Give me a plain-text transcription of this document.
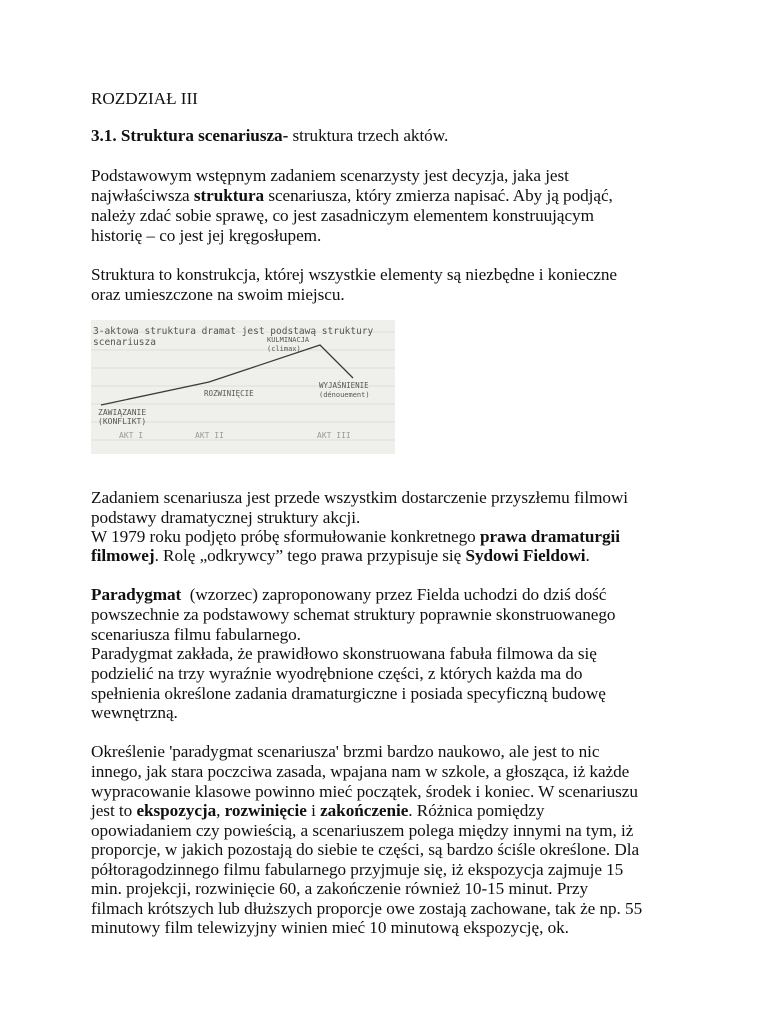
ROZDZIAŁ III
3.1. Struktura scenariusza- struktura trzech aktów.
Podstawowym wstępnym zadaniem scenarzysty jest decyzja, jaka jest
najwłaściwsza struktura scenariusza, który zmierza napisać. Aby ją podjąć,
należy zdać sobie sprawę, co jest zasadniczym elementem konstruującym
historię – co jest jej kręgosłupem.
Struktura to konstrukcja, której wszystkie elementy są niezbędne i konieczne
oraz umieszczone na swoim miejscu.
3-aktowa struktura dramat jest podstawą struktury
scenariusza	KULMINACJA
(climax)
ROZWINIĘCIE
ZAWIĄZANIE
(KONFLIKT)
WYJAŚNIENIE
(dénouement)
AKT I	AKT II	AKT III
Zadaniem scenariusza jest przede wszystkim dostarczenie przyszłemu filmowi
podstawy dramatycznej struktury akcji.
W 1979 roku podjęto próbę sformułowanie konkretnego prawa dramaturgii
filmowej. Rolę „odkrywcy” tego prawa przypisuje się Sydowi Fieldowi.
Paradygmat  (wzorzec) zaproponowany przez Fielda uchodzi do dziś dość
powszechnie za podstawowy schemat struktury poprawnie skonstruowanego
scenariusza filmu fabularnego.
Paradygmat zakłada, że prawidłowo skonstruowana fabuła filmowa da się
podzielić na trzy wyraźnie wyodrębnione części, z których każda ma do
spełnienia określone zadania dramaturgiczne i posiada specyficzną budowę
wewnętrzną.
Określenie 'paradygmat scenariusza' brzmi bardzo naukowo, ale jest to nic
innego, jak stara poczciwa zasada, wpajana nam w szkole, a głosząca, iż każde
wypracowanie klasowe powinno mieć początek, środek i koniec. W scenariuszu
jest to ekspozycja, rozwinięcie i zakończenie. Różnica pomiędzy
opowiadaniem czy powieścią, a scenariuszem polega między innymi na tym, iż
proporcje, w jakich pozostają do siebie te części, są bardzo ściśle określone. Dla
półtoragodzinnego filmu fabularnego przyjmuje się, iż ekspozycja zajmuje 15
min. projekcji, rozwinięcie 60, a zakończenie również 10-15 minut. Przy
filmach krótszych lub dłuższych proporcje owe zostają zachowane, tak że np. 55
minutowy film telewizyjny winien mieć 10 minutową ekspozycję, ok.
